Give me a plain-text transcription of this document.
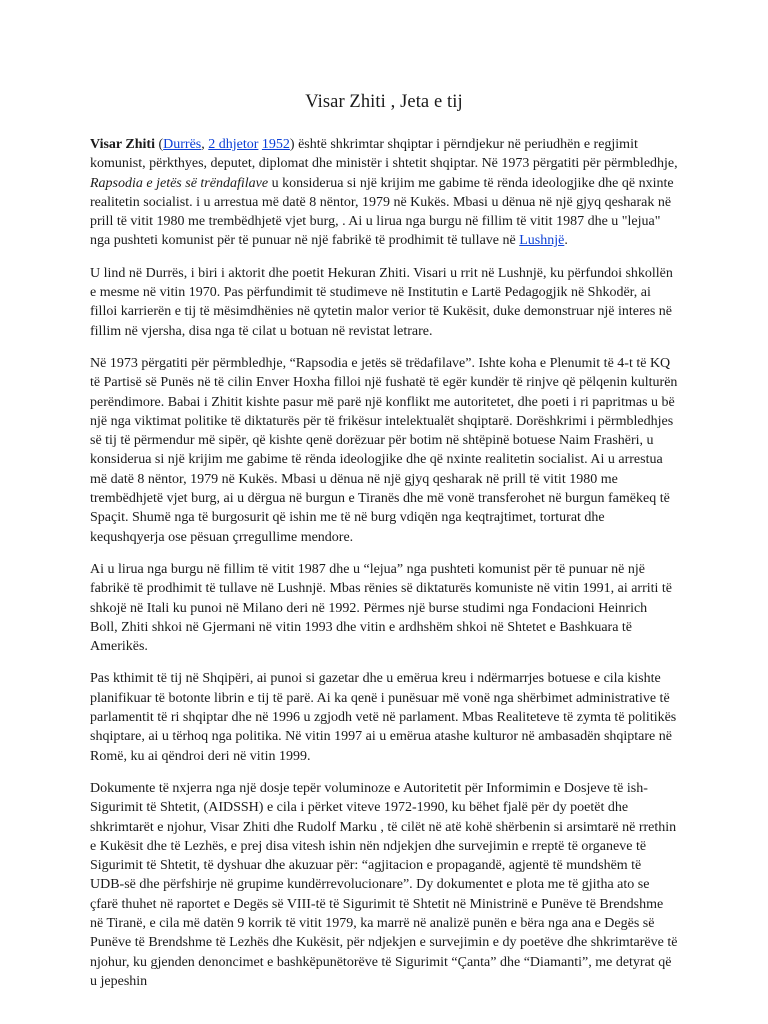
Visar Zhiti , Jeta e tij

Visar Zhiti (Durrës, 2 dhjetor 1952) është shkrimtar shqiptar i përndjekur në periudhën e regjimit komunist, përkthyes, deputet, diplomat dhe ministër i shtetit shqiptar. Në 1973 përgatiti për përmbledhje, Rapsodia e jetës së trëndafilave u konsiderua si një krijim me gabime të rënda ideologjike dhe që nxinte realitetin socialist. i u arrestua më datë 8 nëntor, 1979 në Kukës. Mbasi u dënua në një gjyq qesharak në prill të vitit 1980 me trembëdhjetë vjet burg, . Ai u lirua nga burgu në fillim të vitit 1987 dhe u "lejua" nga pushteti komunist për të punuar në një fabrikë të prodhimit të tullave në Lushnjë.

U lind në Durrës, i biri i aktorit dhe poetit Hekuran Zhiti. Visari u rrit në Lushnjë, ku përfundoi shkollën e mesme në vitin 1970. Pas përfundimit të studimeve në Institutin e Lartë Pedagogjik në Shkodër, ai filloi karrierën e tij të mësimdhënies në qytetin malor verior të Kukësit, duke demonstruar një interes në fillim në vjersha, disa nga të cilat u botuan në revistat letrare.

Në 1973 përgatiti për përmbledhje, “Rapsodia e jetës së trëdafilave”. Ishte koha e Plenumit të 4-t të KQ të Partisë së Punës në të cilin Enver Hoxha filloi një fushatë të egër kundër të rinjve që pëlqenin kulturën perëndimore. Babai i Zhitit kishte pasur më parë një konflikt me autoritetet, dhe poeti i ri papritmas u bë një nga viktimat politike të diktaturës për të frikësur intelektualët shqiptarë. Dorëshkrimi i përmbledhjes së tij të përmendur më sipër, që kishte qenë dorëzuar për botim në shtëpinë botuese Naim Frashëri, u konsiderua si një krijim me gabime të rënda ideologjike dhe që nxinte realitetin socialist. Ai u arrestua më datë 8 nëntor, 1979 në Kukës. Mbasi u dënua në një gjyq qesharak në prill të vitit 1980 me trembëdhjetë vjet burg, ai u dërgua në burgun e Tiranës dhe më vonë transferohet në burgun famëkeq të Spaçit. Shumë nga të burgosurit që ishin me të në burg vdiqën nga keqtrajtimet, torturat dhe kequshqyerja ose pësuan çrregullime mendore.

Ai u lirua nga burgu në fillim të vitit 1987 dhe u “lejua” nga pushteti komunist për të punuar në një fabrikë të prodhimit të tullave në Lushnjë. Mbas rënies së diktaturës komuniste në vitin 1991, ai arriti të shkojë në Itali ku punoi në Milano deri në 1992. Përmes një burse studimi nga Fondacioni Heinrich Boll, Zhiti shkoi në Gjermani në vitin 1993 dhe vitin e ardhshëm shkoi në Shtetet e Bashkuara të Amerikës.

Pas kthimit të tij në Shqipëri, ai punoi si gazetar dhe u emërua kreu i ndërmarrjes botuese e cila kishte planifikuar të botonte librin e tij të parë. Ai ka qenë i punësuar më vonë nga shërbimet administrative të parlamentit të ri shqiptar dhe në 1996 u zgjodh vetë në parlament. Mbas Realiteteve të zymta të politikës shqiptare, ai u tërhoq nga politika. Në vitin 1997 ai u emërua atashe kulturor në ambasadën shqiptare në Romë, ku ai qëndroi deri në vitin 1999.

Dokumente të nxjerra nga një dosje tepër voluminoze e Autoritetit për Informimin e Dosjeve të ish-Sigurimit të Shtetit, (AIDSSH) e cila i përket viteve 1972-1990, ku bëhet fjalë për dy poetët dhe shkrimtarët e njohur, Visar Zhiti dhe Rudolf Marku , të cilët në atë kohë shërbenin si arsimtarë në rrethin e Kukësit dhe të Lezhës, e prej disa vitesh ishin nën ndjekjen dhe survejimin e rreptë të organeve të Sigurimit të Shtetit, të dyshuar dhe akuzuar për: “agjitacion e propagandë, agjentë të mundshëm të UDB-së dhe përfshirje në grupime kundërrevolucionare”. Dy dokumentet e plota me të gjitha ato se çfarë thuhet në raportet e Degës së VIII-të të Sigurimit të Shtetit në Ministrinë e Punëve të Brendshme në Tiranë, e cila më datën 9 korrik të vitit 1979, ka marrë në analizë punën e bëra nga ana e Degës së Punëve të Brendshme të Lezhës dhe Kukësit, për ndjekjen e survejimin e dy poetëve dhe shkrimtarëve të njohur, ku gjenden denoncimet e bashkëpunëtorëve të Sigurimit “Çanta” dhe “Diamanti”, me detyrat që u jepeshin
